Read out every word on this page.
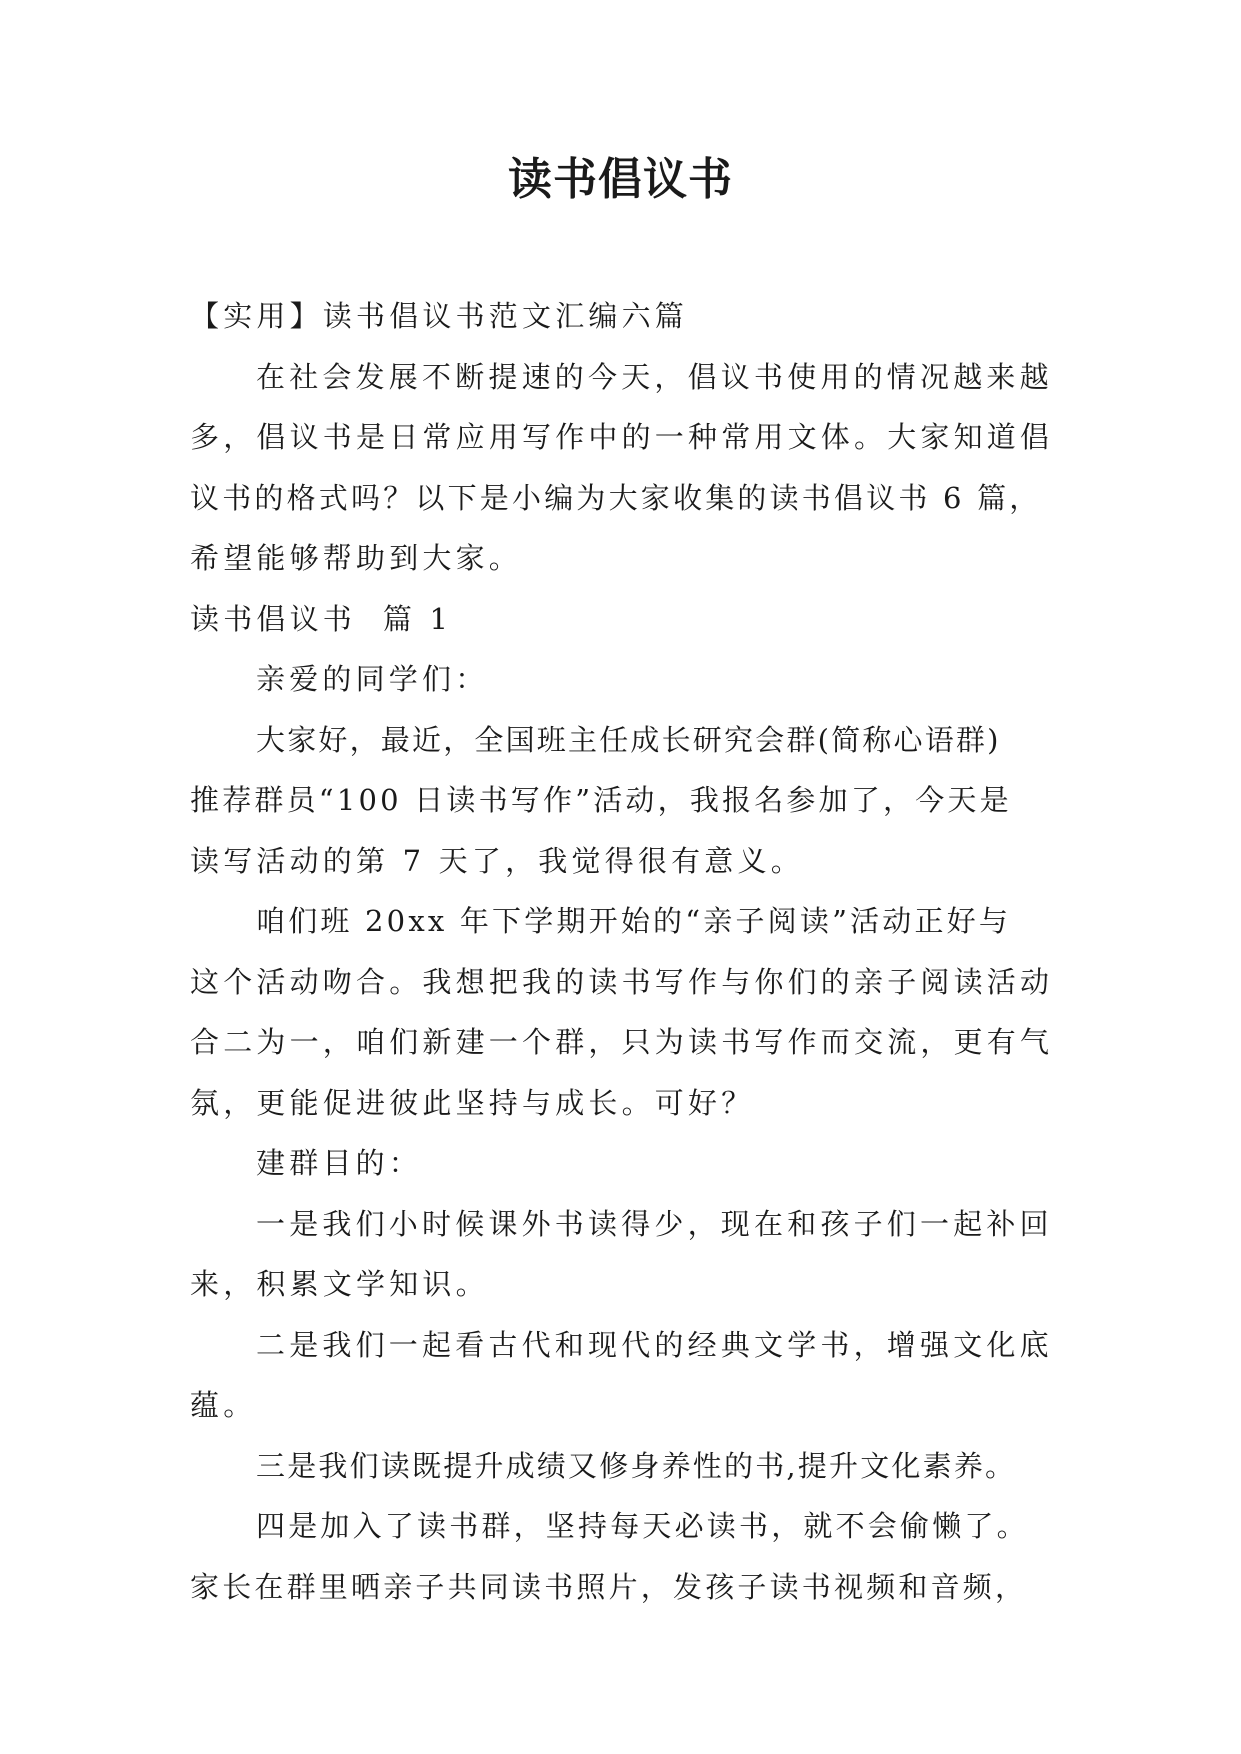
读书倡议书

【实用】读书倡议书范文汇编六篇

在社会发展不断提速的今天，倡议书使用的情况越来越

多，倡议书是日常应用写作中的一种常用文体。大家知道倡

议书的格式吗？以下是小编为大家收集的读书倡议书 6 篇，

希望能够帮助到大家。

读书倡议书  篇 1

亲爱的同学们：

大家好，最近，全国班主任成长研究会群(简称心语群)

推荐群员“100 日读书写作”活动，我报名参加了，今天是

读写活动的第 7 天了，我觉得很有意义。

咱们班 20xx 年下学期开始的“亲子阅读”活动正好与

这个活动吻合。我想把我的读书写作与你们的亲子阅读活动

合二为一，咱们新建一个群，只为读书写作而交流，更有气

氛，更能促进彼此坚持与成长。可好？

建群目的：

一是我们小时候课外书读得少，现在和孩子们一起补回

来，积累文学知识。

二是我们一起看古代和现代的经典文学书，增强文化底

蕴。

三是我们读既提升成绩又修身养性的书,提升文化素养。

四是加入了读书群，坚持每天必读书，就不会偷懒了。

家长在群里晒亲子共同读书照片，发孩子读书视频和音频，
